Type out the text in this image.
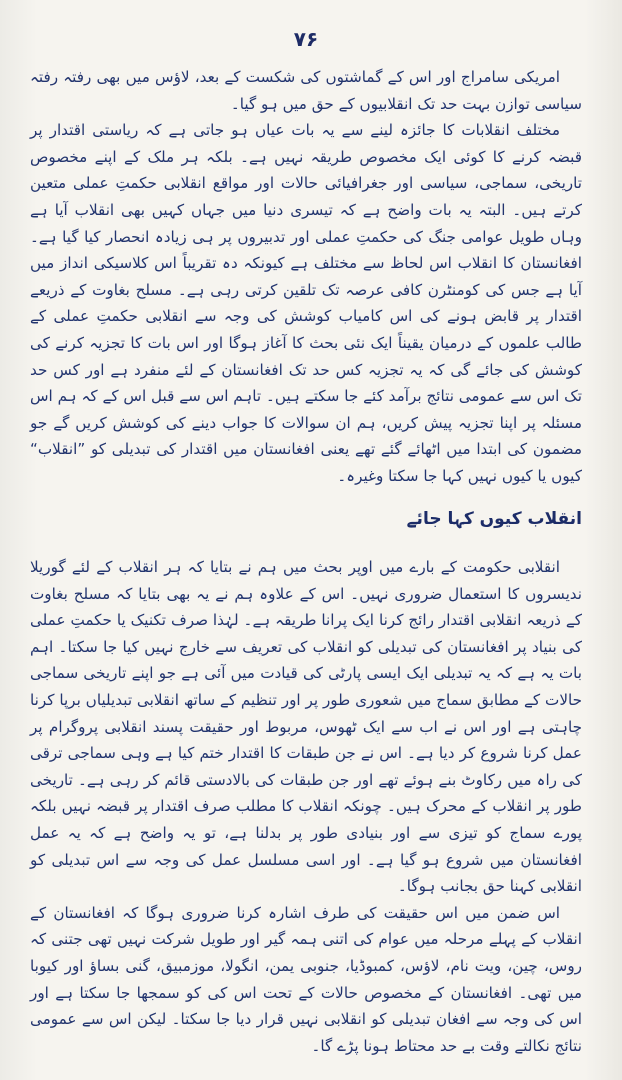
۷۶

امریکی سامراج اور اس کے گماشتوں کی شکست کے بعد، لاؤس میں بھی رفتہ رفتہ سیاسی توازن بہت حد تک انقلابیوں کے حق میں ہو گیا۔

مختلف انقلابات کا جائزہ لینے سے یہ بات عیاں ہو جاتی ہے کہ ریاستی اقتدار پر قبضہ کرنے کا کوئی ایک مخصوص طریقہ نہیں ہے۔ بلکہ ہر ملک کے اپنے مخصوص تاریخی، سماجی، سیاسی اور جغرافیائی حالات اور مواقع انقلابی حکمتِ عملی متعین کرتے ہیں۔ البتہ یہ بات واضح ہے کہ تیسری دنیا میں جہاں کہیں بھی انقلاب آیا ہے وہاں طویل عوامی جنگ کی حکمتِ عملی اور تدبیروں پر ہی زیادہ انحصار کیا گیا ہے۔ افغانستان کا انقلاب اس لحاظ سے مختلف ہے کیونکہ دہ تقریباً اس کلاسیکی انداز میں آیا ہے جس کی کومنٹرن کافی عرصہ تک تلقین کرتی رہی ہے۔ مسلح بغاوت کے ذریعے اقتدار پر قابض ہونے کی اس کامیاب کوشش کی وجہ سے انقلابی حکمتِ عملی کے طالب علموں کے درمیان یقیناً ایک نئی بحث کا آغاز ہوگا اور اس بات کا تجزیہ کرنے کی کوشش کی جائے گی کہ یہ تجزیہ کس حد تک افغانستان کے لئے منفرد ہے اور کس حد تک اس سے عمومی نتائج برآمد کئے جا سکتے ہیں۔ تاہم اس سے قبل اس کے کہ ہم اس مسئلہ پر اپنا تجزیہ پیش کریں، ہم ان سوالات کا جواب دینے کی کوشش کریں گے جو مضمون کی ابتدا میں اٹھائے گئے تھے یعنی افغانستان میں اقتدار کی تبدیلی کو ”انقلاب“ کیوں یا کیوں نہیں کہا جا سکتا وغیرہ۔

انقلاب کیوں کہا جائے

انقلابی حکومت کے بارے میں اوپر بحث میں ہم نے بتایا کہ ہر انقلاب کے لئے گوریلا ندیسروں کا استعمال ضروری نہیں۔ اس کے علاوہ ہم نے یہ بھی بتایا کہ مسلح بغاوت کے ذریعہ انقلابی اقتدار رائج کرنا ایک پرانا طریقہ ہے۔ لہٰذا صرف تکنیک یا حکمتِ عملی کی بنیاد پر افغانستان کی تبدیلی کو انقلاب کی تعریف سے خارج نہیں کیا جا سکتا۔ اہم بات یہ ہے کہ یہ تبدیلی ایک ایسی پارٹی کی قیادت میں آئی ہے جو اپنے تاریخی سماجی حالات کے مطابق سماج میں شعوری طور پر اور تنظیم کے ساتھ انقلابی تبدیلیاں برپا کرنا چاہتی ہے اور اس نے اب سے ایک ٹھوس، مربوط اور حقیقت پسند انقلابی پروگرام پر عمل کرنا شروع کر دیا ہے۔ اس نے جن طبقات کا اقتدار ختم کیا ہے وہی سماجی ترقی کی راہ میں رکاوٹ بنے ہوئے تھے اور جن طبقات کی بالادستی قائم کر رہی ہے۔ تاریخی طور پر انقلاب کے محرک ہیں۔ چونکہ انقلاب کا مطلب صرف اقتدار پر قبضہ نہیں بلکہ پورے سماج کو تیزی سے اور بنیادی طور پر بدلنا ہے، تو یہ واضح ہے کہ یہ عمل افغانستان میں شروع ہو گیا ہے۔ اور اسی مسلسل عمل کی وجہ سے اس تبدیلی کو انقلابی کہنا حق بجانب ہوگا۔

اس ضمن میں اس حقیقت کی طرف اشارہ کرنا ضروری ہوگا کہ افغانستان کے انقلاب کے پہلے مرحلہ میں عوام کی اتنی ہمہ گیر اور طویل شرکت نہیں تھی جتنی کہ روس، چین، ویت نام، لاؤس، کمبوڈیا، جنوبی یمن، انگولا، موزمبیق، گنی بساؤ اور کیوبا میں تھی۔ افغانستان کے مخصوص حالات کے تحت اس کی کو سمجھا جا سکتا ہے اور اس کی وجہ سے افغان تبدیلی کو انقلابی نہیں قرار دیا جا سکتا۔ لیکن اس سے عمومی نتائج نکالتے وقت بے حد محتاط ہونا پڑے گا۔
